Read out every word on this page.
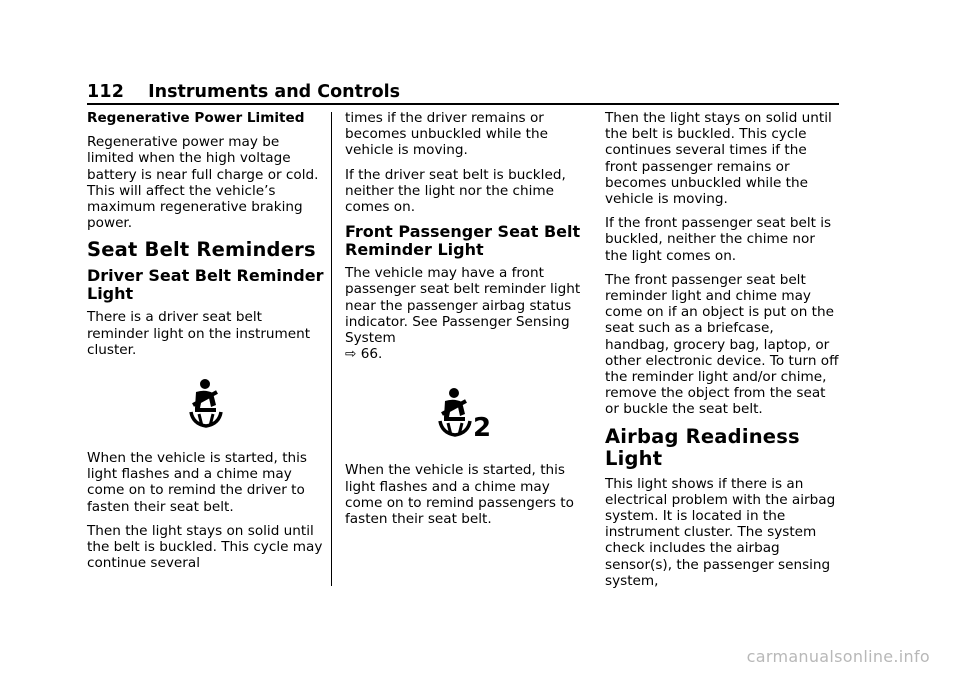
112 Instruments and Controls
Regenerative Power Limited

Regenerative power may be limited when the high voltage battery is near full charge or cold. This will affect the vehicle’s maximum regenerative braking power.

Seat Belt Reminders
Driver Seat Belt Reminder Light

There is a driver seat belt reminder light on the instrument cluster.

When the vehicle is started, this light flashes and a chime may come on to remind the driver to fasten their seat belt.

Then the light stays on solid until the belt is buckled. This cycle may continue several

times if the driver remains or becomes unbuckled while the vehicle is moving.

If the driver seat belt is buckled, neither the light nor the chime comes on.

Front Passenger Seat Belt Reminder Light

The vehicle may have a front passenger seat belt reminder light near the passenger airbag status indicator. See Passenger Sensing System
⇨ 66.

2

When the vehicle is started, this light flashes and a chime may come on to remind passengers to fasten their seat belt.

Then the light stays on solid until the belt is buckled. This cycle continues several times if the front passenger remains or becomes unbuckled while the vehicle is moving.

If the front passenger seat belt is buckled, neither the chime nor the light comes on.

The front passenger seat belt reminder light and chime may come on if an object is put on the seat such as a briefcase, handbag, grocery bag, laptop, or other electronic device. To turn off the reminder light and/or chime, remove the object from the seat or buckle the seat belt.

Airbag Readiness Light

This light shows if there is an electrical problem with the airbag system. It is located in the instrument cluster. The system check includes the airbag sensor(s), the passenger sensing system,

carmanualsonline.info
